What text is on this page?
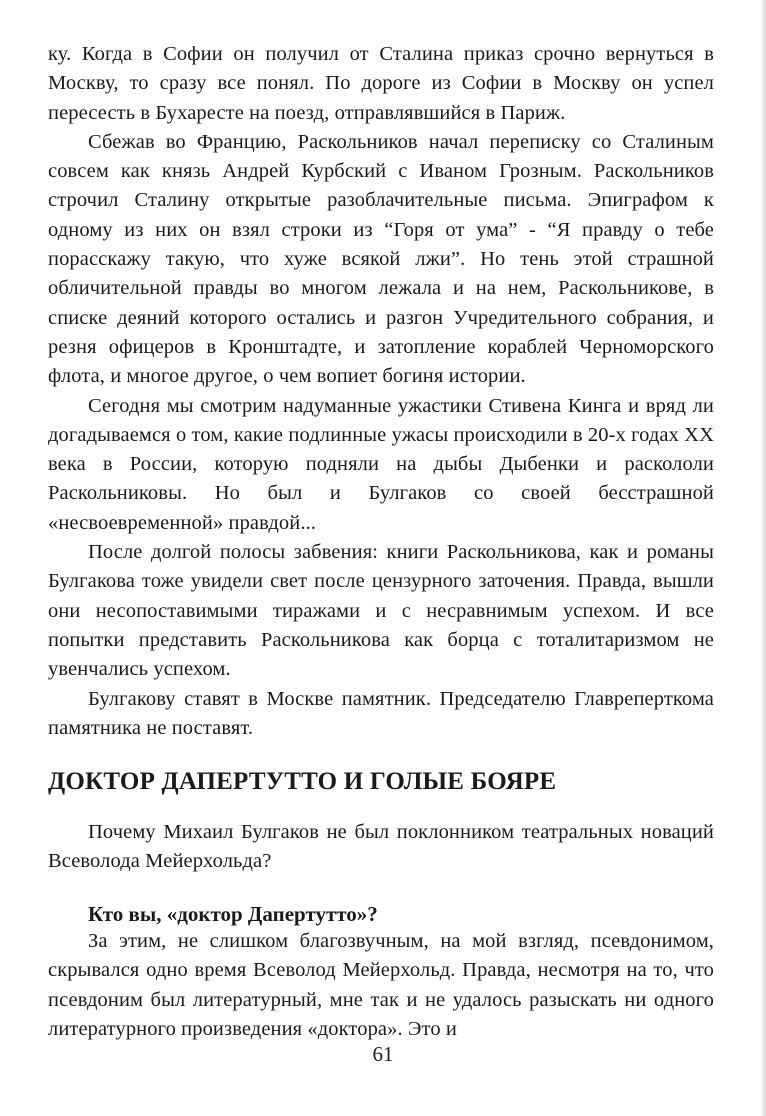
ку. Когда в Софии он получил от Сталина приказ срочно вернуться в Москву, то сразу все понял. По дороге из Софии в Москву он успел пересесть в Бухаресте на поезд, отправлявшийся в Париж.

Сбежав во Францию, Раскольников начал переписку со Сталиным совсем как князь Андрей Курбский с Иваном Грозным. Раскольников строчил Сталину открытые разоблачительные письма. Эпиграфом к одному из них он взял строки из “Горя от ума” - “Я правду о тебе порасскажу такую, что хуже всякой лжи”. Но тень этой страшной обличительной правды во многом лежала и на нем, Раскольникове, в списке деяний которого остались и разгон Учредительного собрания, и резня офицеров в Кронштадте, и затопление кораблей Черноморского флота, и многое другое, о чем вопиет богиня истории.

Сегодня мы смотрим надуманные ужастики Стивена Кинга и вряд ли догадываемся о том, какие подлинные ужасы происходили в 20-х годах XX века в России, которую подняли на дыбы Дыбенки и раскололи Раскольниковы. Но был и Булгаков со своей бесстрашной «несвоевременной» правдой...

После долгой полосы забвения: книги Раскольникова, как и романы Булгакова тоже увидели свет после цензурного заточения. Правда, вышли они несопоставимыми тиражами и с несравнимым успехом. И все попытки представить Раскольникова как борца с тоталитаризмом не увенчались успехом.

Булгакову ставят в Москве памятник. Председателю Главреперткома памятника не поставят.

ДОКТОР ДАПЕРТУТТО И ГОЛЫЕ БОЯРЕ

Почему Михаил Булгаков не был поклонником театральных новаций Всеволода Мейерхольда?

Кто вы, «доктор Дапертутто»?

За этим, не слишком благозвучным, на мой взгляд, псевдонимом, скрывался одно время Всеволод Мейерхольд. Правда, несмотря на то, что псевдоним был литературный, мне так и не удалось разыскать ни одного литературного произведения «доктора». Это и

61
